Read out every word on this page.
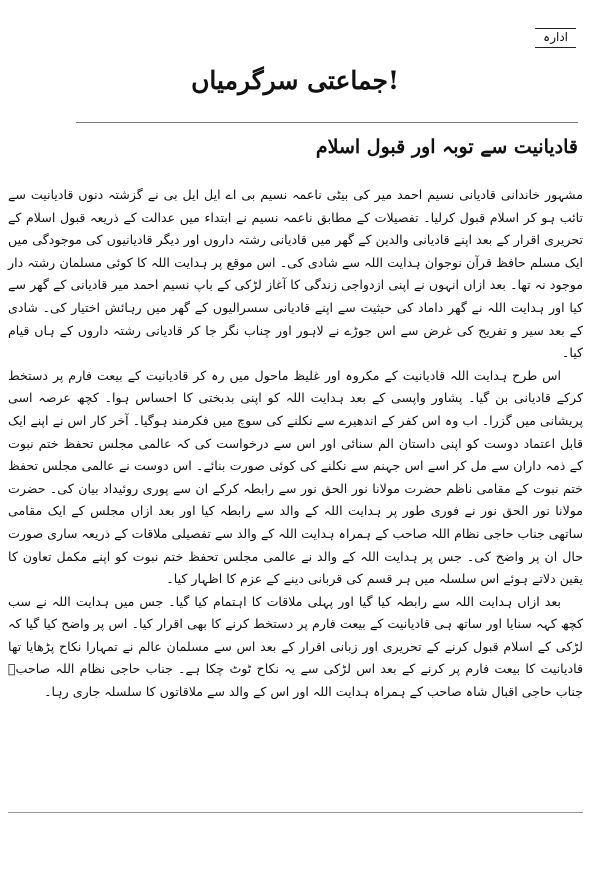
ادارہ
جماعتی سرگرمیاں!
قادیانیت سے توبہ اور قبول اسلام

مشہور خاندانی قادیانی نسیم احمد میر کی بیٹی ناعمہ نسیم بی اے ایل ایل بی نے گزشتہ دنوں قادیانیت سے تائب ہو کر اسلام قبول کرلیا۔ تفصیلات کے مطابق ناعمہ نسیم نے ابتداء میں عدالت کے ذریعہ قبول اسلام کے تحریری اقرار کے بعد اپنے قادیانی والدین کے گھر میں قادیانی رشتہ داروں اور دیگر قادیانیوں کی موجودگی میں ایک مسلم حافظ قرآن نوجوان ہدایت اللہ سے شادی کی۔ اس موقع پر ہدایت اللہ کا کوئی مسلمان رشتہ دار موجود نہ تھا۔ بعد ازاں انہوں نے اپنی ازدواجی زندگی کا آغاز لڑکی کے باپ نسیم احمد میر قادیانی کے گھر سے کیا اور ہدایت اللہ نے گھر داماد کی حیثیت سے اپنے قادیانی سسرالیوں کے گھر میں رہائش اختیار کی۔ شادی کے بعد سیر و تفریح کی غرض سے اس جوڑے نے لاہور اور چناب نگر جا کر قادیانی رشتہ داروں کے ہاں قیام کیا۔

اس طرح ہدایت اللہ قادیانیت کے مکروہ اور غلیظ ماحول میں رہ کر قادیانیت کے بیعت فارم پر دستخط کرکے قادیانی بن گیا۔ پشاور واپسی کے بعد ہدایت اللہ کو اپنی بدبختی کا احساس ہوا۔ کچھ عرصہ اسی پریشانی میں گزرا۔ اب وہ اس کفر کے اندھیرے سے نکلنے کی سوچ میں فکرمند ہوگیا۔ آخر کار اس نے اپنے ایک قابل اعتماد دوست کو اپنی داستان الم سنائی اور اس سے درخواست کی کہ عالمی مجلس تحفظ ختم نبوت کے ذمہ داران سے مل کر اسے اس جہنم سے نکلنے کی کوئی صورت بنائے۔ اس دوست نے عالمی مجلس تحفظ ختم نبوت کے مقامی ناظم حضرت مولانا نور الحق نور سے رابطہ کرکے ان سے پوری روئیداد بیان کی۔ حضرت مولانا نور الحق نور نے فوری طور پر ہدایت اللہ کے والد سے رابطہ کیا اور بعد ازاں مجلس کے ایک مقامی ساتھی جناب حاجی نظام اللہ صاحب کے ہمراہ ہدایت اللہ کے والد سے تفصیلی ملاقات کے ذریعہ ساری صورت حال ان پر واضح کی۔ جس پر ہدایت اللہ کے والد نے عالمی مجلس تحفظ ختم نبوت کو اپنے مکمل تعاون کا یقین دلاتے ہوئے اس سلسلہ میں ہر قسم کی قربانی دینے کے عزم کا اظہار کیا۔

بعد ازاں ہدایت اللہ سے رابطہ کیا گیا اور پہلی ملاقات کا اہتمام کیا گیا۔ جس میں ہدایت اللہ نے سب کچھ کہہ سنایا اور ساتھ ہی قادیانیت کے بیعت فارم پر دستخط کرنے کا بھی اقرار کیا۔ اس پر واضح کیا گیا کہ لڑکی کے اسلام قبول کرنے کے تحریری اور زبانی اقرار کے بعد اس سے مسلمان عالم نے تمہارا نکاح پڑھایا تھا قادیانیت کا بیعت فارم پر کرنے کے بعد اس لڑکی سے یہ نکاح ٹوٹ چکا ہے۔ جناب حاجی نظام اللہ صاحبؒ جناب حاجی اقبال شاہ صاحب کے ہمراہ ہدایت اللہ اور اس کے والد سے ملاقاتوں کا سلسلہ جاری رہا۔
